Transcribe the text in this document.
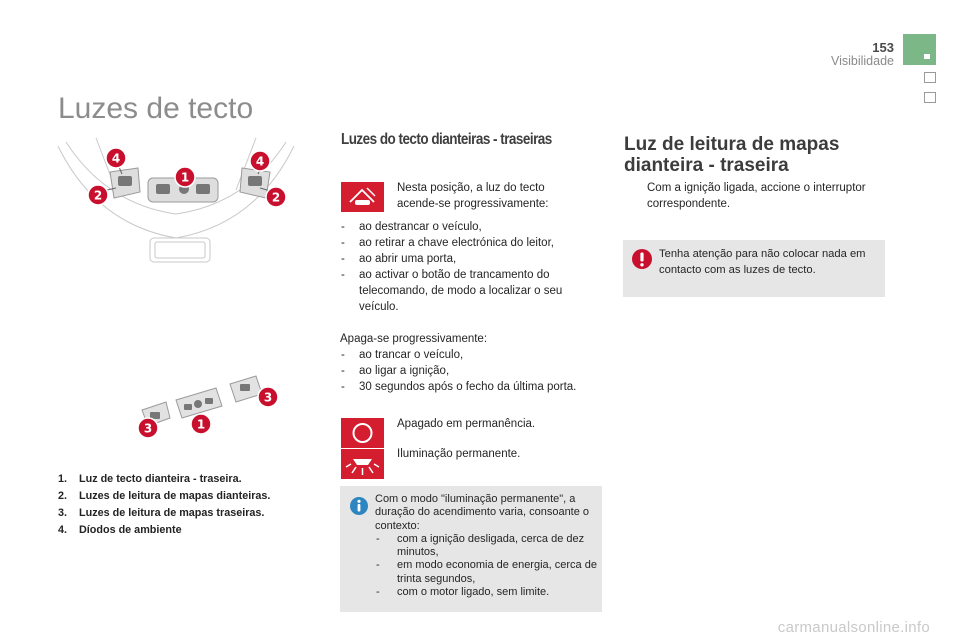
153
Visibilidade
Luzes de tecto
4	4
2	2
1
3
3	1
1. Luz de tecto dianteira - traseira.
2. Luzes de leitura de mapas dianteiras.
3. Luzes de leitura de mapas traseiras.
4. Díodos de ambiente
Luzes do tecto dianteiras - traseiras
Nesta posição, a luz do tecto acende-se progressivamente:
- ao destrancar o veículo,
- ao retirar a chave electrónica do leitor,
- ao abrir uma porta,
- ao activar o botão de trancamento do telecomando, de modo a localizar o seu veículo.
Apaga-se progressivamente:
- ao trancar o veículo,
- ao ligar a ignição,
- 30 segundos após o fecho da última porta.
Apagado em permanência.
Iluminação permanente.
Com o modo "iluminação permanente", a duração do acendimento varia, consoante o contexto:
- com a ignição desligada, cerca de dez minutos,
- em modo economia de energia, cerca de trinta segundos,
- com o motor ligado, sem limite.
Luz de leitura de mapas dianteira - traseira
Com a ignição ligada, accione o interruptor correspondente.
Tenha atenção para não colocar nada em contacto com as luzes de tecto.
carmanualsonline.info
